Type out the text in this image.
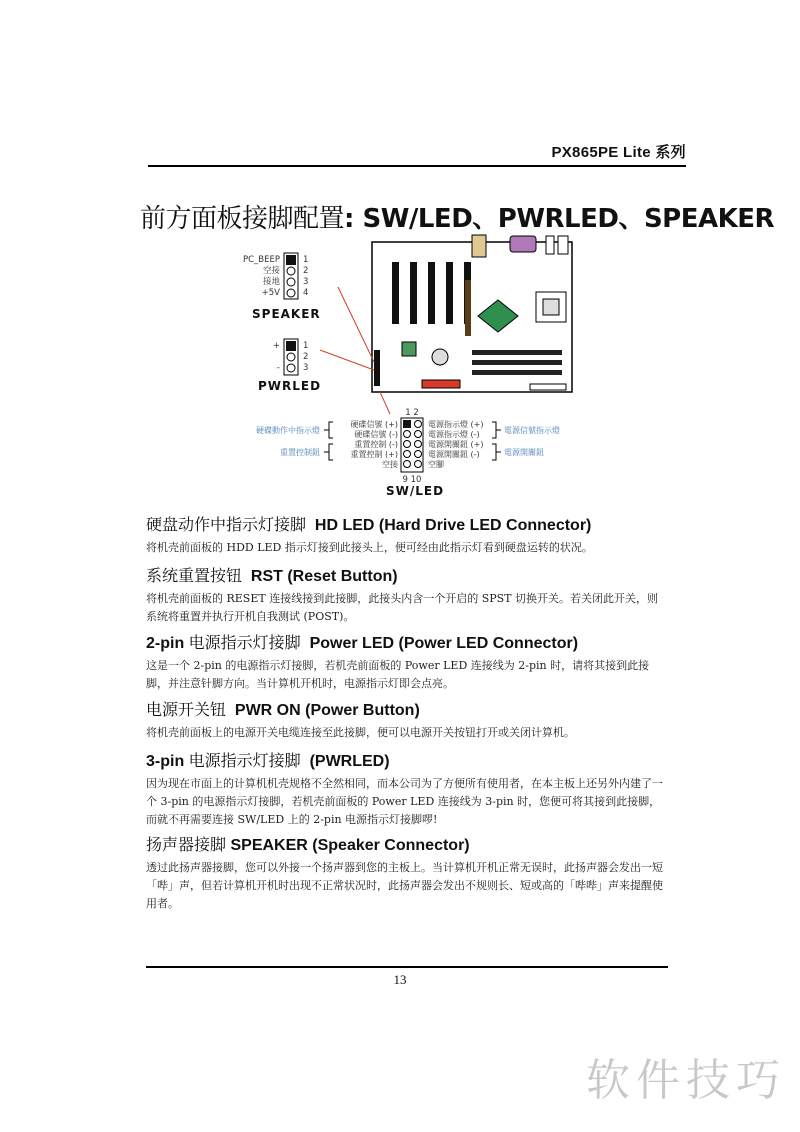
PX865PE Lite 系列
前方面板接脚配置: SW/LED、PWRLED、SPEAKER
PC_BEEP
空接
接地
+5V
1
2
3
4
SPEAKER
+
-
1
2
3
PWRLED
1 2
硬碟信號 (+)
硬碟信號 (-)
重置控制 (-)
重置控制 (+)
空接
電源指示燈 (+)
電源指示燈 (-)
電源開關鈕 (+)
電源開關鈕 (-)
空腳
硬碟動作中指示燈
重置控制鈕
電源信號指示燈
電源開關鈕
9 10
SW/LED
硬盘动作中指示灯接脚 HD LED (Hard Drive LED Connector)

将机壳前面板的 HDD LED 指示灯接到此接头上，便可经由此指示灯看到硬盘运转的状况。

系统重置按钮 RST (Reset Button)

将机壳前面板的 RESET 连接线接到此接脚，此接头内含一个开启的 SPST 切换开关。若关闭此开关，则系统将重置并执行开机自我测试 (POST)。

2-pin 电源指示灯接脚 Power LED (Power LED Connector)

这是一个 2-pin 的电源指示灯接脚，若机壳前面板的 Power LED 连接线为 2-pin 时，请将其接到此接脚，并注意针脚方向。当计算机开机时，电源指示灯即会点亮。

电源开关钮 PWR ON (Power Button)

将机壳前面板上的电源开关电缆连接至此接脚，便可以电源开关按钮打开或关闭计算机。

3-pin 电源指示灯接脚 (PWRLED)

因为现在市面上的计算机机壳规格不全然相同，而本公司为了方便所有使用者，在本主板上还另外内建了一个 3-pin 的电源指示灯接脚，若机壳前面板的 Power LED 连接线为 3-pin 时，您便可将其接到此接脚，而就不再需要连接 SW/LED 上的 2-pin 电源指示灯接脚啰!

扬声器接脚 SPEAKER (Speaker Connector)

透过此扬声器接脚，您可以外接一个扬声器到您的主板上。当计算机开机正常无误时，此扬声器会发出一短「哔」声，但若计算机开机时出现不正常状况时，此扬声器会发出不规则长、短或高的「哔哔」声来提醒使用者。

13
软件技巧
